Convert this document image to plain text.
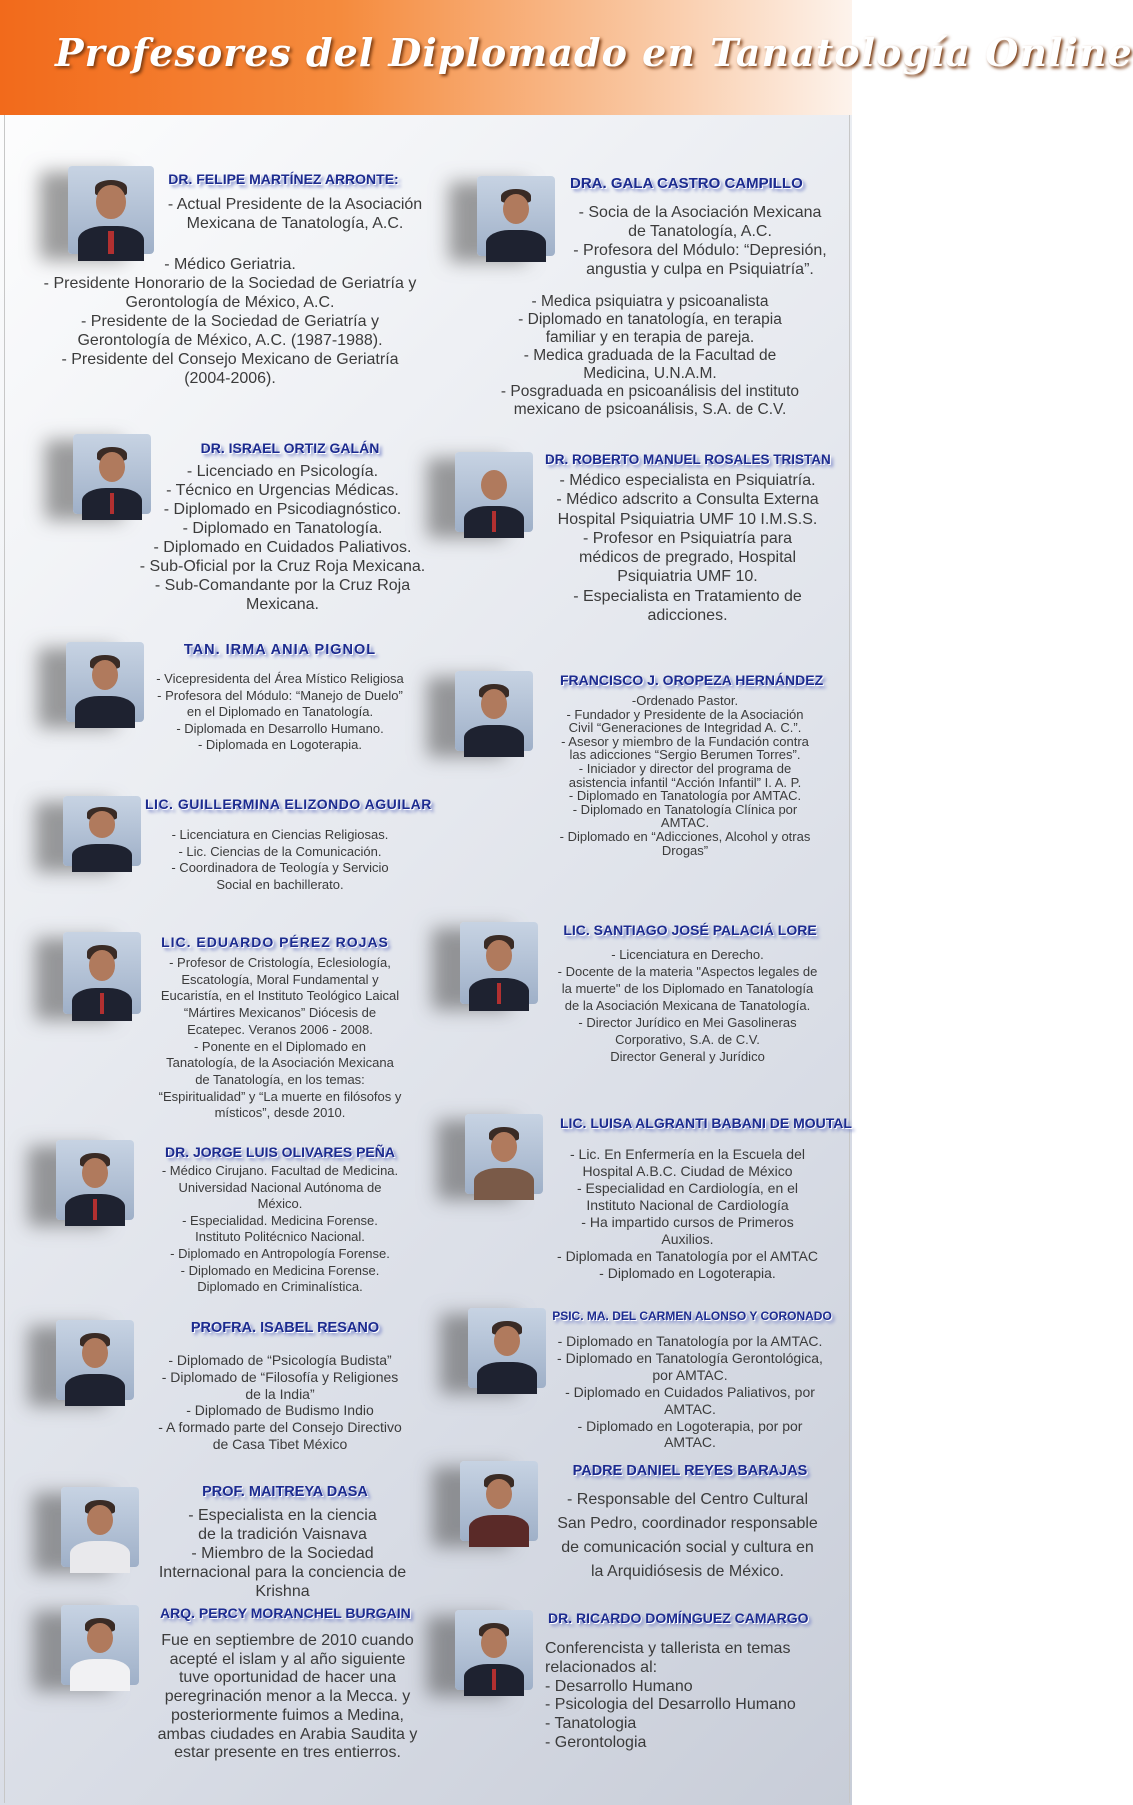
Profesores del Diplomado en Tanatología Online
DR. FELIPE MARTÍNEZ ARRONTE:
- Actual Presidente de la Asociación
Mexicana de Tanatología, A.C.
- Médico Geriatria.
- Presidente Honorario de la Sociedad de Geriatría y
Gerontología de México, A.C.
- Presidente de la Sociedad de Geriatría y
Gerontología de México, A.C. (1987-1988).
- Presidente del Consejo Mexicano de Geriatría
(2004-2006).
DRA. GALA CASTRO CAMPILLO
- Socia de la Asociación Mexicana
de Tanatología, A.C.
- Profesora del Módulo: “Depresión,
angustia y culpa en Psiquiatría”.
- Medica psiquiatra y psicoanalista
- Diplomado en tanatología, en terapia
familiar y en terapia de pareja.
- Medica graduada de la Facultad de
Medicina, U.N.A.M.
- Posgraduada en psicoanálisis del instituto
mexicano de psicoanálisis, S.A. de C.V.
DR. ISRAEL ORTIZ GALÁN
- Licenciado en Psicología.
- Técnico en Urgencias Médicas.
- Diplomado en Psicodiagnóstico.
- Diplomado en Tanatología.
- Diplomado en Cuidados Paliativos.
- Sub-Oficial por la Cruz Roja Mexicana.
- Sub-Comandante por la Cruz Roja
Mexicana.
DR. ROBERTO MANUEL ROSALES TRISTAN
- Médico especialista en Psiquiatría.
- Médico adscrito a Consulta Externa
Hospital Psiquiatria UMF 10 I.M.S.S.
- Profesor en Psiquiatría para
médicos de pregrado, Hospital
Psiquiatria UMF 10.
- Especialista en Tratamiento de
adicciones.
TAN. IRMA ANIA PIGNOL
- Vicepresidenta del Área Místico Religiosa
- Profesora del Módulo: “Manejo de Duelo”
en el Diplomado en Tanatología.
- Diplomada en Desarrollo Humano.
- Diplomada en Logoterapia.
FRANCISCO J. OROPEZA HERNÁNDEZ
-Ordenado Pastor.
- Fundador y Presidente de la Asociación
Civil “Generaciones de Integridad A. C.”.
- Asesor y miembro de la Fundación contra
las adicciones “Sergio Berumen Torres”.
- Iniciador y director del programa de
asistencia infantil “Acción Infantil” I. A. P.
- Diplomado en Tanatología por AMTAC.
- Diplomado en Tanatología Clínica por
AMTAC.
- Diplomado en “Adicciones, Alcohol y otras
Drogas”
LIC. GUILLERMINA ELIZONDO AGUILAR
- Licenciatura en Ciencias Religiosas.
- Lic. Ciencias de la Comunicación.
- Coordinadora de Teología y Servicio
Social en bachillerato.
LIC. EDUARDO PÉREZ ROJAS
- Profesor de Cristología, Eclesiología,
Escatología, Moral Fundamental y
Eucaristía, en el Instituto Teológico Laical
“Mártires Mexicanos” Diócesis de
Ecatepec. Veranos 2006 - 2008.
- Ponente en el Diplomado en
Tanatología, de la Asociación Mexicana
de Tanatología, en los temas:
“Espiritualidad” y “La muerte en filósofos y
místicos”, desde 2010.
LIC. SANTIAGO JOSÉ PALACIÁ LORE
- Licenciatura en Derecho.
- Docente de la materia "Aspectos legales de
la muerte" de los Diplomado en Tanatología
de la Asociación Mexicana de Tanatología.
- Director Jurídico en Mei Gasolineras
Corporativo, S.A. de C.V.
Director General y Jurídico
DR. JORGE LUIS OLIVARES PEÑA
- Médico Cirujano. Facultad de Medicina.
Universidad Nacional Autónoma de
México.
- Especialidad. Medicina Forense.
Instituto Politécnico Nacional.
- Diplomado en Antropología Forense.
- Diplomado en Medicina Forense.
Diplomado en Criminalística.
LIC. LUISA ALGRANTI BABANI DE MOUTAL
- Lic. En Enfermería en la Escuela del
Hospital A.B.C. Ciudad de México
- Especialidad en Cardiología, en el
Instituto Nacional de Cardiología
- Ha impartido cursos de Primeros
Auxilios.
- Diplomada en Tanatología por el AMTAC
- Diplomado en Logoterapia.
PROFRA. ISABEL RESANO
- Diplomado de “Psicología Budista”
- Diplomado de “Filosofía y Religiones
de la India”
- Diplomado de Budismo Indio
- A formado parte del Consejo Directivo
de Casa Tibet México
PSIC. MA. DEL CARMEN ALONSO Y CORONADO
- Diplomado en Tanatología por la AMTAC.
- Diplomado en Tanatología Gerontológica,
por AMTAC.
- Diplomado en Cuidados Paliativos, por
AMTAC.
- Diplomado en Logoterapia, por por
AMTAC.
PROF. MAITREYA DASA
- Especialista en la ciencia
de la tradición Vaisnava
- Miembro de la Sociedad
Internacional para la conciencia de
Krishna
PADRE DANIEL REYES BARAJAS
- Responsable del Centro Cultural
San Pedro, coordinador responsable
de comunicación social y cultura en
la Arquidiósesis de México.
ARQ. PERCY MORANCHEL BURGAIN
Fue en septiembre de 2010 cuando
acepté el islam y al año siguiente
tuve oportunidad de hacer una
peregrinación menor a la Mecca. y
posteriormente fuimos a Medina,
ambas ciudades en Arabia Saudita y
estar presente en tres entierros.
DR. RICARDO DOMÍNGUEZ CAMARGO
Conferencista y tallerista en temas
relacionados al:
- Desarrollo Humano
- Psicologia del Desarrollo Humano
- Tanatologia
- Gerontologia
